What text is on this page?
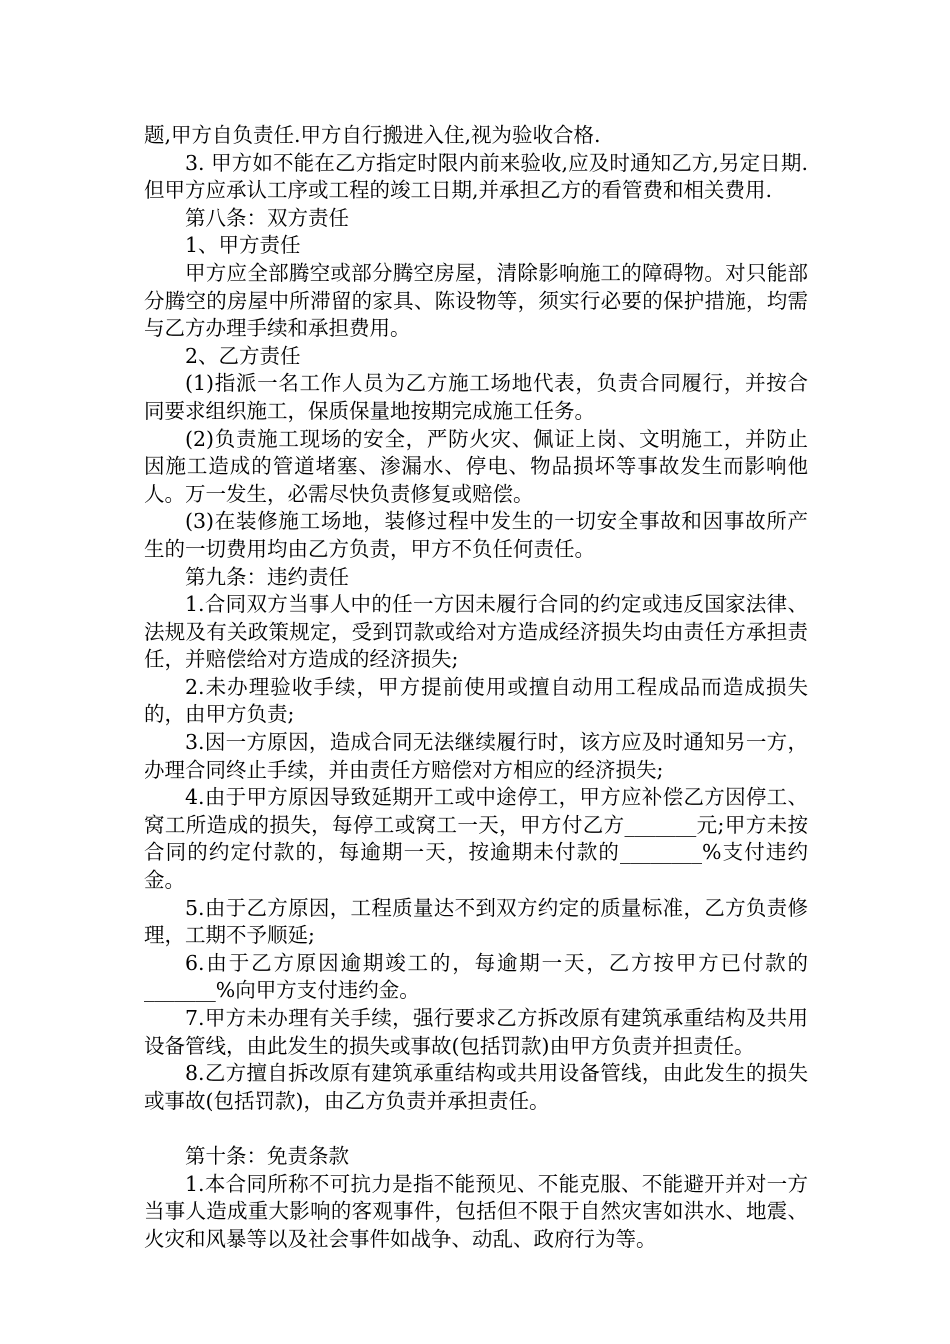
题,甲方自负责任.甲方自行搬进入住,视为验收合格.

3. 甲方如不能在乙方指定时限内前来验收,应及时通知乙方,另定日期.但甲方应承认工序或工程的竣工日期,并承担乙方的看管费和相关费用.

第八条：双方责任

1、甲方责任

甲方应全部腾空或部分腾空房屋，清除影响施工的障碍物。对只能部分腾空的房屋中所滞留的家具、陈设物等，须实行必要的保护措施，均需与乙方办理手续和承担费用。

2、乙方责任

(1)指派一名工作人员为乙方施工场地代表，负责合同履行，并按合同要求组织施工，保质保量地按期完成施工任务。

(2)负责施工现场的安全，严防火灾、佩证上岗、文明施工，并防止因施工造成的管道堵塞、渗漏水、停电、物品损坏等事故发生而影响他人。万一发生，必需尽快负责修复或赔偿。

(3)在装修施工场地，装修过程中发生的一切安全事故和因事故所产生的一切费用均由乙方负责，甲方不负任何责任。

第九条：违约责任

1.合同双方当事人中的任一方因未履行合同的约定或违反国家法律、法规及有关政策规定，受到罚款或给对方造成经济损失均由责任方承担责任，并赔偿给对方造成的经济损失;

2.未办理验收手续，甲方提前使用或擅自动用工程成品而造成损失的，由甲方负责;

3.因一方原因，造成合同无法继续履行时，该方应及时通知另一方，办理合同终止手续，并由责任方赔偿对方相应的经济损失;

4.由于甲方原因导致延期开工或中途停工，甲方应补偿乙方因停工、窝工所造成的损失，每停工或窝工一天，甲方付乙方_______元;甲方未按合同的约定付款的，每逾期一天，按逾期未付款的________%支付违约金。

5.由于乙方原因，工程质量达不到双方约定的质量标准，乙方负责修理，工期不予顺延;

6.由于乙方原因逾期竣工的，每逾期一天，乙方按甲方已付款的_______%向甲方支付违约金。

7.甲方未办理有关手续，强行要求乙方拆改原有建筑承重结构及共用设备管线，由此发生的损失或事故(包括罚款)由甲方负责并担责任。

8.乙方擅自拆改原有建筑承重结构或共用设备管线，由此发生的损失或事故(包括罚款)，由乙方负责并承担责任。

第十条：免责条款

1.本合同所称不可抗力是指不能预见、不能克服、不能避开并对一方当事人造成重大影响的客观事件，包括但不限于自然灾害如洪水、地震、火灾和风暴等以及社会事件如战争、动乱、政府行为等。
